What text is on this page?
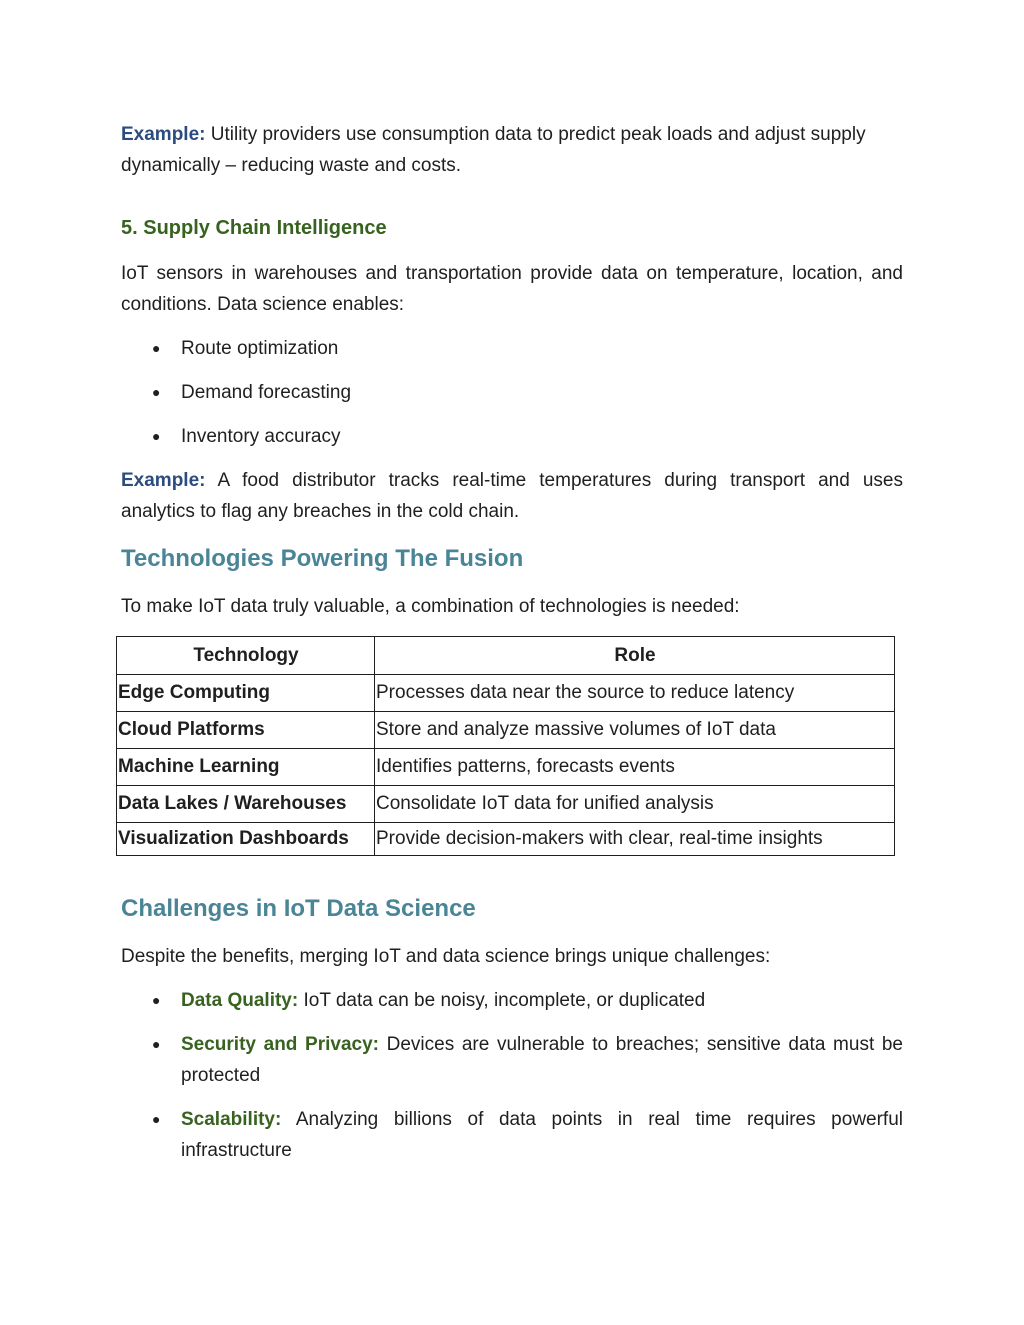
Example: Utility providers use consumption data to predict peak loads and adjust supply dynamically – reducing waste and costs.

5. Supply Chain Intelligence

IoT sensors in warehouses and transportation provide data on temperature, location, and conditions. Data science enables:

● Route optimization
● Demand forecasting
● Inventory accuracy

Example: A food distributor tracks real-time temperatures during transport and uses analytics to flag any breaches in the cold chain.

Technologies Powering The Fusion

To make IoT data truly valuable, a combination of technologies is needed:

Technology	Role
Edge Computing	Processes data near the source to reduce latency
Cloud Platforms	Store and analyze massive volumes of IoT data
Machine Learning	Identifies patterns, forecasts events
Data Lakes / Warehouses	Consolidate IoT data for unified analysis
Visualization Dashboards	Provide decision-makers with clear, real-time insights
Challenges in IoT Data Science

Despite the benefits, merging IoT and data science brings unique challenges:

● Data Quality: IoT data can be noisy, incomplete, or duplicated
● Security and Privacy: Devices are vulnerable to breaches; sensitive data must be protected
● Scalability: Analyzing billions of data points in real time requires powerful infrastructure
